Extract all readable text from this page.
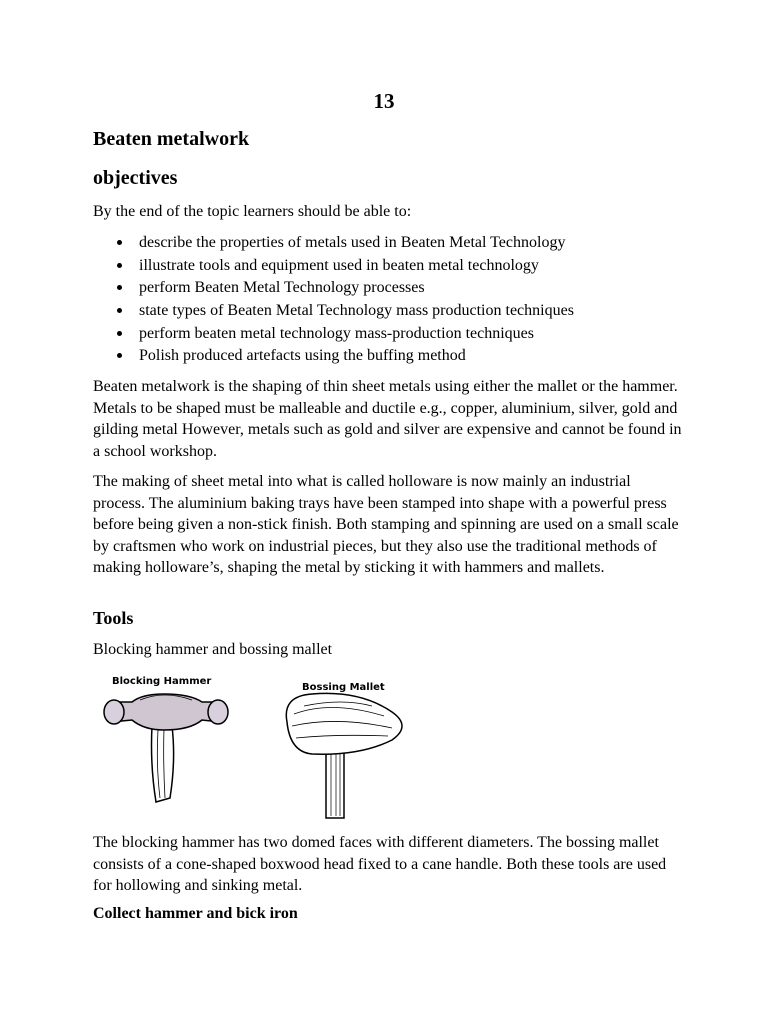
13
Beaten metalwork
objectives
By the end of the topic learners should be able to:
describe the properties of metals used in Beaten Metal Technology
illustrate tools and equipment used in beaten metal technology
perform Beaten Metal Technology processes
state types of Beaten Metal Technology mass production techniques
perform beaten metal technology mass-production techniques
Polish produced artefacts using the buffing method

Beaten metalwork is the shaping of thin sheet metals using either the mallet or the hammer. Metals to be shaped must be malleable and ductile e.g., copper, aluminium, silver, gold and gilding metal However, metals such as gold and silver are expensive and cannot be found in a school workshop.

The making of sheet metal into what is called holloware is now mainly an industrial process. The aluminium baking trays have been stamped into shape with a powerful press before being given a non-stick finish. Both stamping and spinning are used on a small scale by craftsmen who work on industrial pieces, but they also use the traditional methods of making holloware’s, shaping the metal by sticking it with hammers and mallets.

Tools
Blocking hammer and bossing mallet
Blocking Hammer
Bossing Mallet

The blocking hammer has two domed faces with different diameters. The bossing mallet consists of a cone-shaped boxwood head fixed to a cane handle. Both these tools are used for hollowing and sinking metal.

Collect hammer and bick iron
